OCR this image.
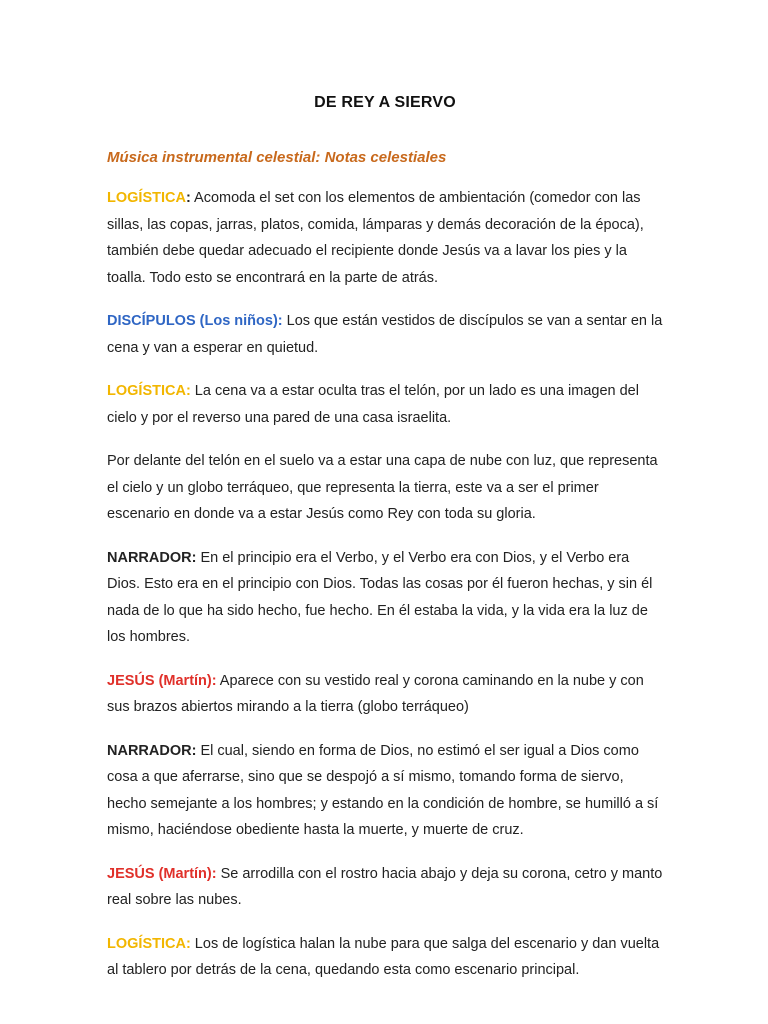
DE REY A SIERVO
Música instrumental celestial: Notas celestiales

LOGÍSTICA: Acomoda el set con los elementos de ambientación (comedor con las sillas, las copas, jarras, platos, comida, lámparas y demás decoración de la época), también debe quedar adecuado el recipiente donde Jesús va a lavar los pies y la toalla. Todo esto se encontrará en la parte de atrás.

DISCÍPULOS (Los niños): Los que están vestidos de discípulos se van a sentar en la cena y van a esperar en quietud.

LOGÍSTICA: La cena va a estar oculta tras el telón, por un lado es una imagen del cielo y por el reverso una pared de una casa israelita.

Por delante del telón en el suelo va a estar una capa de nube con luz, que representa el cielo y un globo terráqueo, que representa la tierra, este va a ser el primer escenario en donde va a estar Jesús como Rey con toda su gloria.

NARRADOR: En el principio era el Verbo, y el Verbo era con Dios, y el Verbo era Dios. Esto era en el principio con Dios. Todas las cosas por él fueron hechas, y sin él nada de lo que ha sido hecho, fue hecho. En él estaba la vida, y la vida era la luz de los hombres.

JESÚS (Martín): Aparece con su vestido real y corona caminando en la nube y con sus brazos abiertos mirando a la tierra (globo terráqueo)

NARRADOR: El cual, siendo en forma de Dios, no estimó el ser igual a Dios como cosa a que aferrarse, sino que se despojó a sí mismo, tomando forma de siervo, hecho semejante a los hombres; y estando en la condición de hombre, se humilló a sí mismo, haciéndose obediente hasta la muerte, y muerte de cruz.

JESÚS (Martín): Se arrodilla con el rostro hacia abajo y deja su corona, cetro y manto real sobre las nubes.

LOGÍSTICA: Los de logística halan la nube para que salga del escenario y dan vuelta al tablero por detrás de la cena, quedando esta como escenario principal.
